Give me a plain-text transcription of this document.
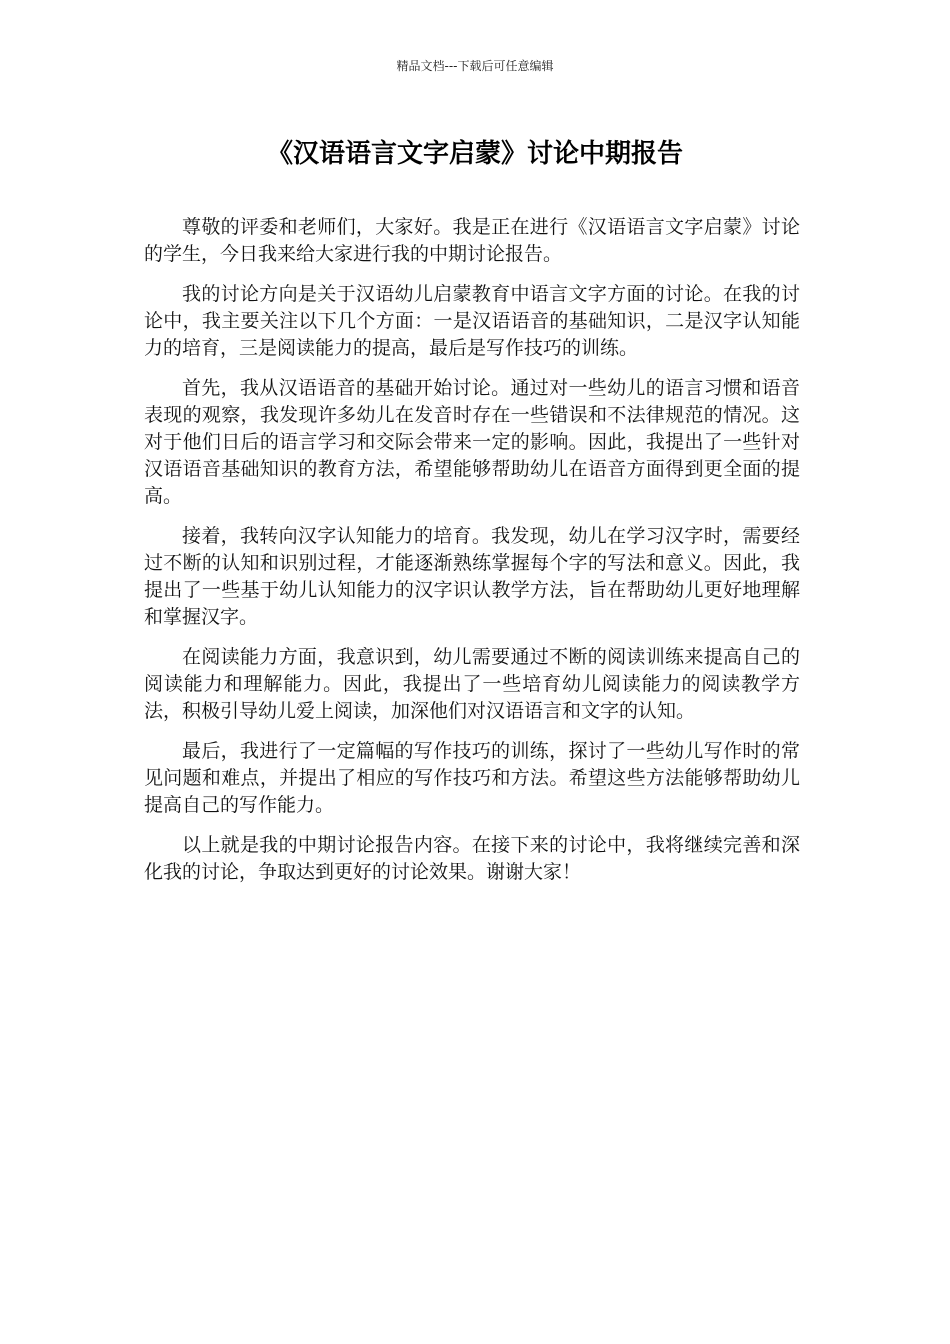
精品文档---下载后可任意编辑
《汉语语言文字启蒙》讨论中期报告

尊敬的评委和老师们，大家好。我是正在进行《汉语语言文字启蒙》讨论的学生，今日我来给大家进行我的中期讨论报告。

我的讨论方向是关于汉语幼儿启蒙教育中语言文字方面的讨论。在我的讨论中，我主要关注以下几个方面：一是汉语语音的基础知识，二是汉字认知能力的培育，三是阅读能力的提高，最后是写作技巧的训练。

首先，我从汉语语音的基础开始讨论。通过对一些幼儿的语言习惯和语音表现的观察，我发现许多幼儿在发音时存在一些错误和不法律规范的情况。这对于他们日后的语言学习和交际会带来一定的影响。因此，我提出了一些针对汉语语音基础知识的教育方法，希望能够帮助幼儿在语音方面得到更全面的提高。

接着，我转向汉字认知能力的培育。我发现，幼儿在学习汉字时，需要经过不断的认知和识别过程，才能逐渐熟练掌握每个字的写法和意义。因此，我提出了一些基于幼儿认知能力的汉字识认教学方法，旨在帮助幼儿更好地理解和掌握汉字。

在阅读能力方面，我意识到，幼儿需要通过不断的阅读训练来提高自己的阅读能力和理解能力。因此，我提出了一些培育幼儿阅读能力的阅读教学方法，积极引导幼儿爱上阅读，加深他们对汉语语言和文字的认知。

最后，我进行了一定篇幅的写作技巧的训练，探讨了一些幼儿写作时的常见问题和难点，并提出了相应的写作技巧和方法。希望这些方法能够帮助幼儿提高自己的写作能力。

以上就是我的中期讨论报告内容。在接下来的讨论中，我将继续完善和深化我的讨论，争取达到更好的讨论效果。谢谢大家！
